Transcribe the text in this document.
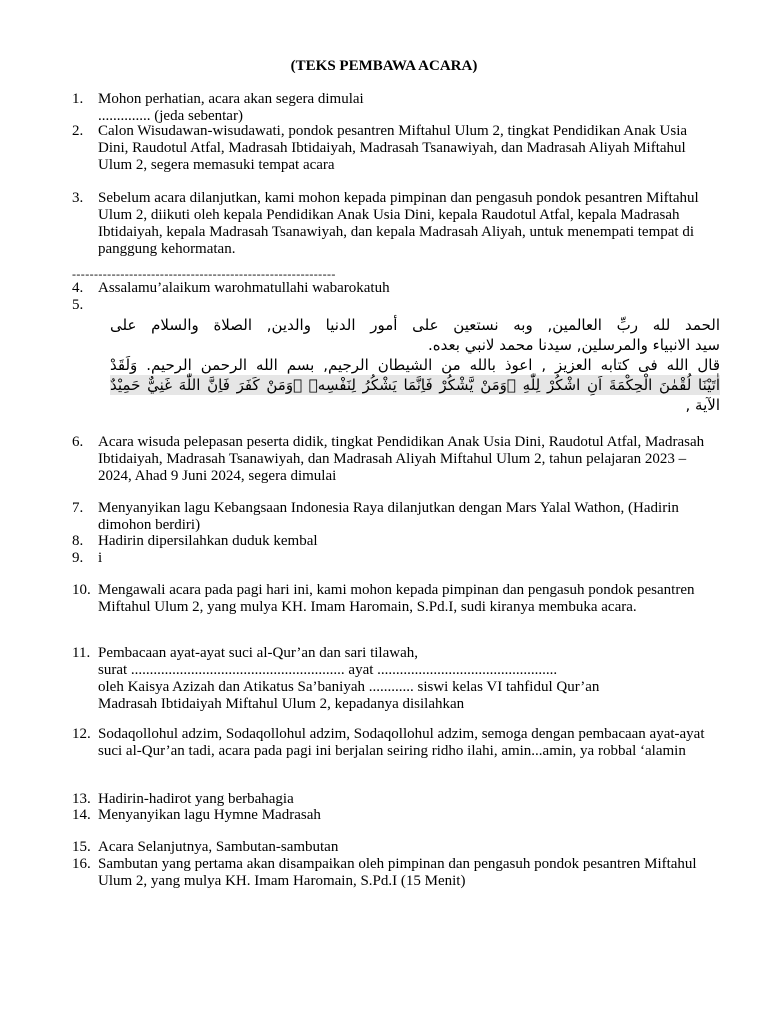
(TEKS PEMBAWA ACARA)
1. Mohon perhatian, acara akan segera dimulai
.............. (jeda sebentar)
2. Calon Wisudawan-wisudawati, pondok pesantren Miftahul Ulum 2, tingkat Pendidikan Anak Usia Dini, Raudotul Atfal, Madrasah Ibtidaiyah, Madrasah Tsanawiyah, dan Madrasah Aliyah Miftahul Ulum 2, segera memasuki tempat acara
3. Sebelum acara dilanjutkan, kami mohon kepada pimpinan dan pengasuh pondok pesantren Miftahul Ulum 2, diikuti oleh kepala Pendidikan Anak Usia Dini, kepala Raudotul Atfal, kepala Madrasah Ibtidaiyah, kepala Madrasah Tsanawiyah, dan kepala Madrasah Aliyah, untuk menempati tempat di panggung kehormatan.
------------------------------------------------------------
4. Assalamu’alaikum warohmatullahi wabarokatuh
5.
الحمد لله ربِّ العالمين, وبه نستعين على أمور الدنيا والدين, الصلاة والسلام على
سيد الانبياء والمرسلين, سيدنا محمد لانبي بعده.
قال الله فى كتابه العزيز , اعوذ بالله من الشيطان الرجيم, بسم الله الرحمن الرحيم. وَلَقَدْ
اٰتَيْنَا لُقْمٰنَ الْحِكْمَةَ اَنِ اشْكُرْ لِلّٰهِ ۗوَمَنْ يَّشْكُرْ فَاِنَّمَا يَشْكُرُ لِنَفْسِهٖ ۚوَمَنْ كَفَرَ فَاِنَّ اللّٰهَ غَنِيٌّ حَمِيْدٌ
الآية ,
6. Acara wisuda pelepasan peserta didik, tingkat Pendidikan Anak Usia Dini, Raudotul Atfal, Madrasah Ibtidaiyah, Madrasah Tsanawiyah, dan Madrasah Aliyah Miftahul Ulum 2, tahun pelajaran 2023 – 2024, Ahad 9 Juni 2024, segera dimulai
7. Menyanyikan lagu Kebangsaan Indonesia Raya dilanjutkan dengan Mars Yalal Wathon, (Hadirin dimohon berdiri)
8. Hadirin dipersilahkan duduk kembal
9. i
10. Mengawali acara pada pagi hari ini, kami mohon kepada pimpinan dan pengasuh pondok pesantren Miftahul Ulum 2, yang mulya KH. Imam Haromain, S.Pd.I, sudi kiranya membuka acara.
11. Pembacaan ayat-ayat suci al-Qur’an dan sari tilawah,
surat ......................................................... ayat ................................................
oleh Kaisya Azizah dan Atikatus Sa’baniyah ............ siswi kelas VI tahfidul Qur’an
Madrasah Ibtidaiyah Miftahul Ulum 2, kepadanya disilahkan
12. Sodaqollohul adzim, Sodaqollohul adzim, Sodaqollohul adzim, semoga dengan pembacaan ayat-ayat suci al-Qur’an tadi, acara pada pagi ini berjalan seiring ridho ilahi, amin...amin, ya robbal ‘alamin
13. Hadirin-hadirot yang berbahagia
14. Menyanyikan lagu Hymne Madrasah
15. Acara Selanjutnya, Sambutan-sambutan
16. Sambutan yang pertama akan disampaikan oleh pimpinan dan pengasuh pondok pesantren Miftahul Ulum 2, yang mulya KH. Imam Haromain, S.Pd.I (15 Menit)
